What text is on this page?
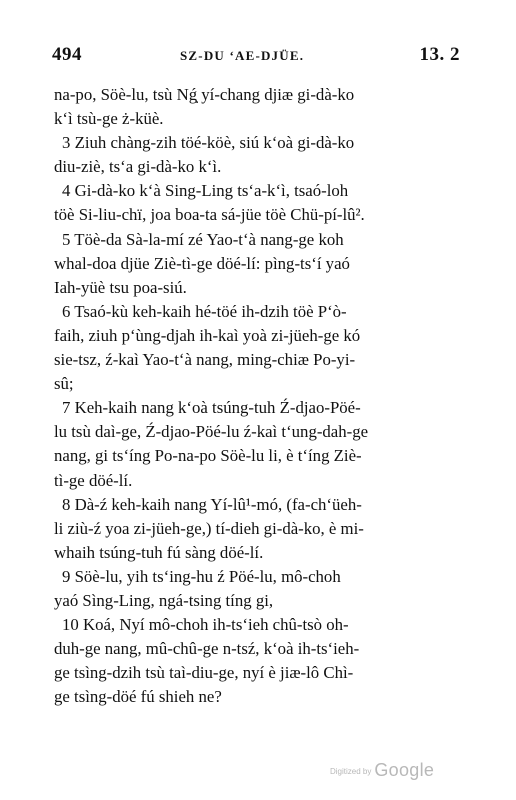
494	SZ-DU ‘AE-DJÜE.	13. 2
na-po, Söè-lu, tsù Nǵ̣ yí-chang djiæ gi-dà-ko
k‘ì tsù-ge ż-küè.
3 Ziuh chàng-zih töé-köè, siú k‘oà gi-dà-ko
diu-ziè, ts‘a gi-dà-ko k‘ì.
4 Gi-dà-ko k‘à Sing-Ling ts‘a-k‘ì, tsaó-loh
töè Si-liu-chï, joa boa-ta sá-jüe töè Chü-pí-lû².
5 Töè-da Sà-la-mí zé Yao-t‘à nang-ge koh
whal-doa djüe Ziè-tì-ge döé-lí: pìng-ts‘í yaó
Iah-yüè tsu poa-siú.
6 Tsaó-kù keh-kaih hé-töé ih-dzih töè P‘ò-
faih, ziuh p‘ùng-djah ih-kaì yoà zi-jüeh-ge kó
sie-tsz, ź-kaì Yao-t‘à nang, ming-chiæ Po-yi-
sû;
7 Keh-kaih nang k‘oà tsúng-tuh Ź-djao-Pöé-
lu tsù daì-ge, Ź-djao-Pöé-lu ź-kaì t‘ung-dah-ge
nang, gi ts‘íng Po-na-po Söè-lu li, è t‘íng Ziè-
tì-ge döé-lí.
8 Dà-ź keh-kaih nang Yí-lû¹-mó, (fa-ch‘üeh-
li ziù-ź yoa zi-jüeh-ge,) tí-dieh gi-dà-ko, è mi-
whaih tsúng-tuh fú sàng döé-lí.
9 Söè-lu, yih ts‘ing-hu ź Pöé-lu, mô-choh
yaó Sìng-Ling, ngá-tsing tíng gi,
10 Koá, Nyí mô-choh ih-ts‘ieh chû-tsò oh-
duh-ge nang, mû-chû-ge n-tsź, k‘oà ih-ts‘ieh-
ge tsìng-dzih tsù taì-diu-ge, nyí è jiæ-lô Chì-
ge tsìng-döé fú shieh ne?
Digitized by Google
